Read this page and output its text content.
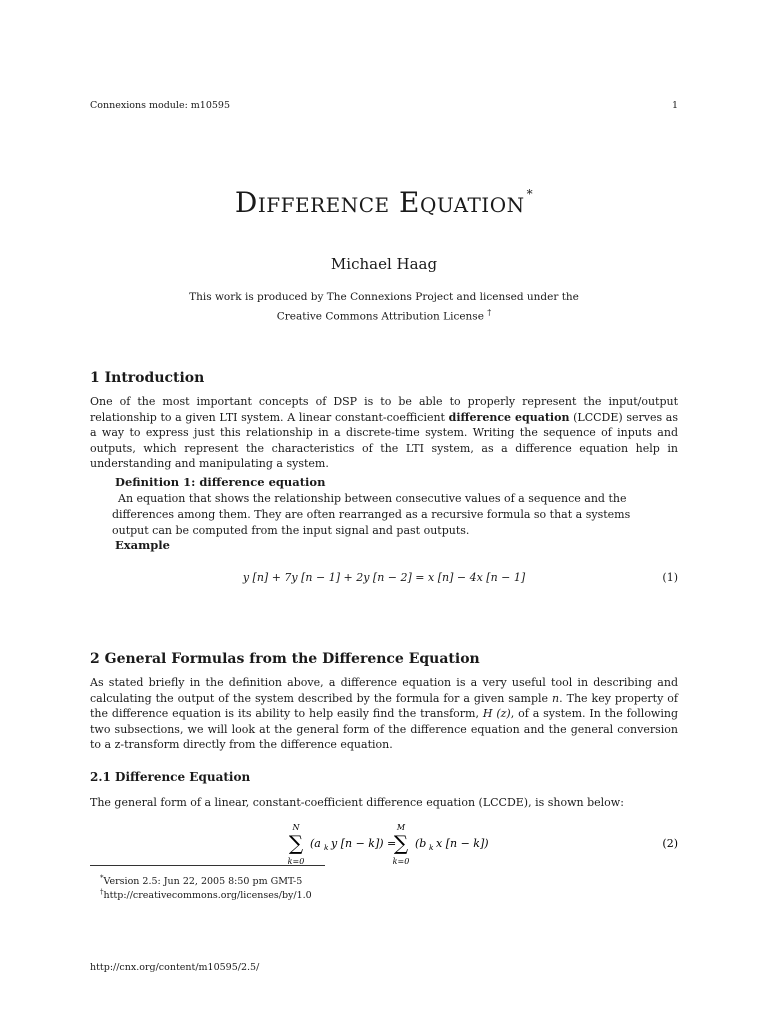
Connexions module: m10595	1
Difference Equation *
Michael Haag
This work is produced by The Connexions Project and licensed under the
Creative Commons Attribution License †
1 Introduction

One of the most important concepts of DSP is to be able to properly represent the input/output relationship to a given LTI system. A linear constant-coefficient difference equation (LCCDE) serves as a way to express just this relationship in a discrete-time system. Writing the sequence of inputs and outputs, which represent the characteristics of the LTI system, as a difference equation help in understanding and manipulating a system.

Definition 1: difference equation

An equation that shows the relationship between consecutive values of a sequence and the differences among them. They are often rearranged as a recursive formula so that a systems output can be computed from the input signal and past outputs.

Example
y [n] + 7y [n − 1] + 2y [n − 2] = x [n] − 4x [n − 1]	(1)
2 General Formulas from the Difference Equation

As stated briefly in the definition above, a difference equation is a very useful tool in describing and calculating the output of the system described by the formula for a given sample n. The key property of the difference equation is its ability to help easily find the transform, H (z), of a system. In the following two subsections, we will look at the general form of the difference equation and the general conversion to a z-transform directly from the difference equation.

2.1 Difference Equation

The general form of a linear, constant-coefficient difference equation (LCCDE), is shown below:

N
∑
k=0
(a k y [n − k]) =
M
∑
k=0
(b k x [n − k])	(2)
*Version 2.5: Jun 22, 2005 8:50 pm GMT-5
†http://creativecommons.org/licenses/by/1.0
http://cnx.org/content/m10595/2.5/
